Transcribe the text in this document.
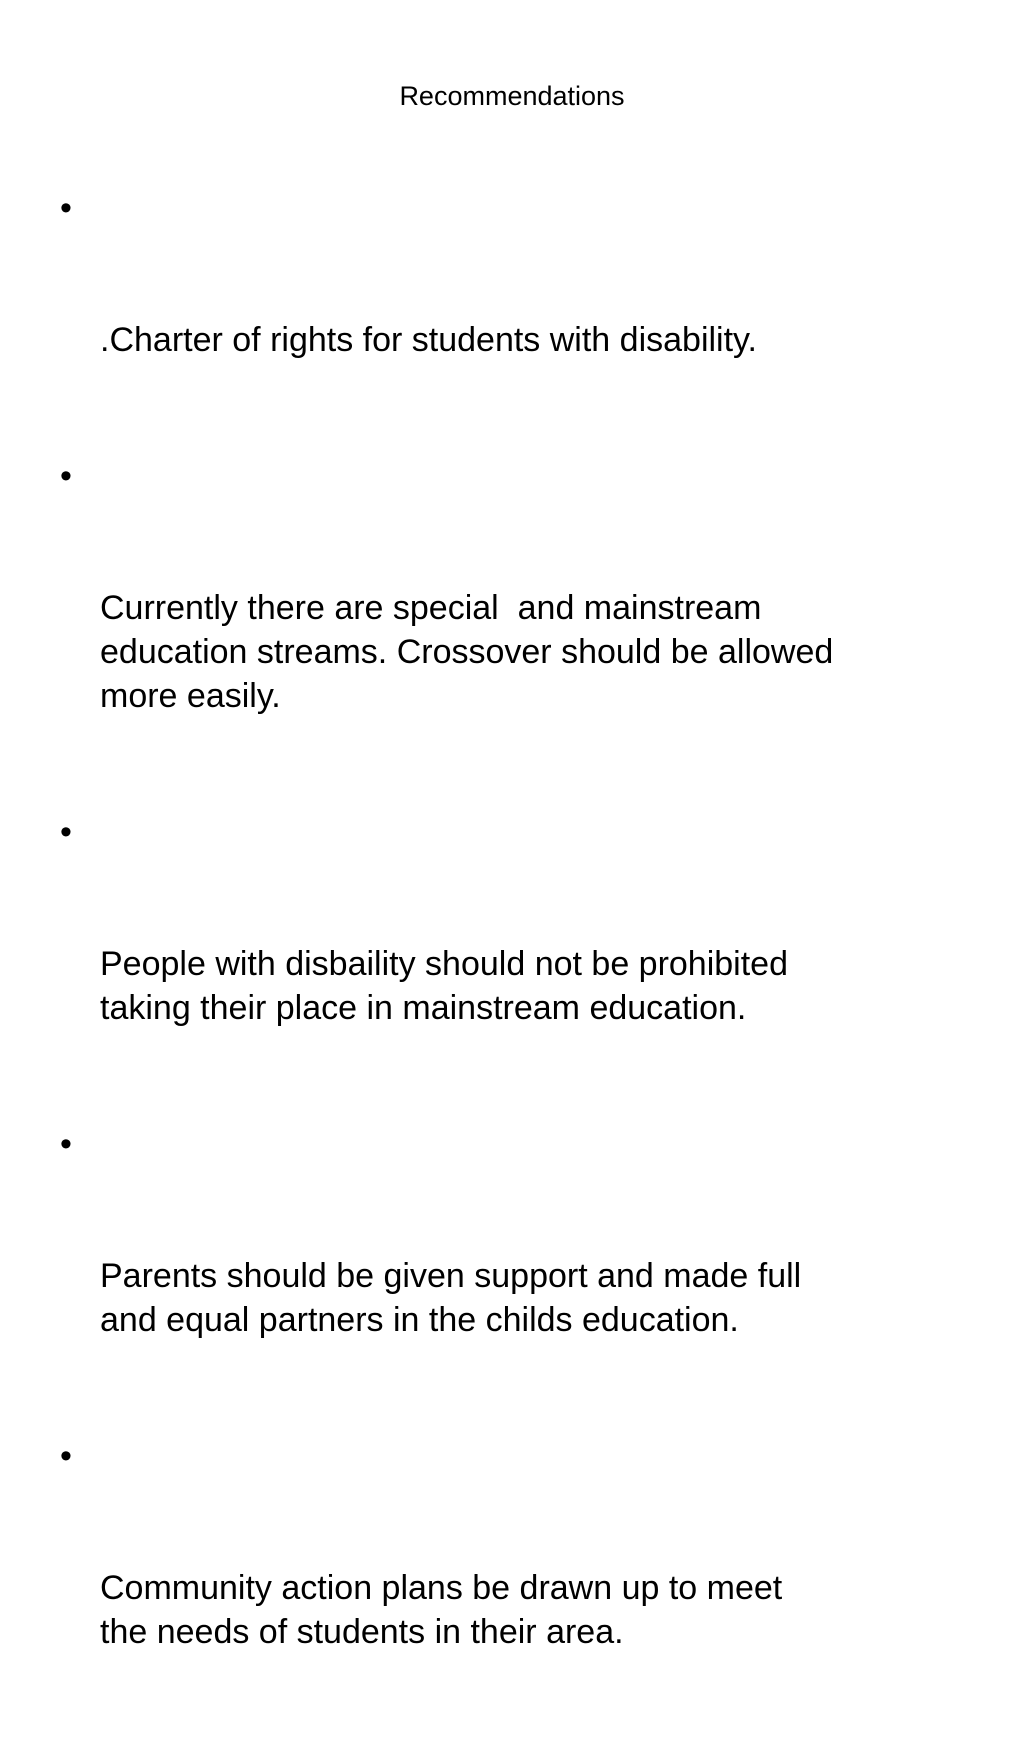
Recommendations

•

.Charter of rights for students with disability.

•

Currently there are special  and mainstream
education streams. Crossover should be allowed
more easily.

•

People with disbaility should not be prohibited
taking their place in mainstream education.

•

Parents should be given support and made full
and equal partners in the childs education.

•

Community action plans be drawn up to meet
the needs of students in their area.
